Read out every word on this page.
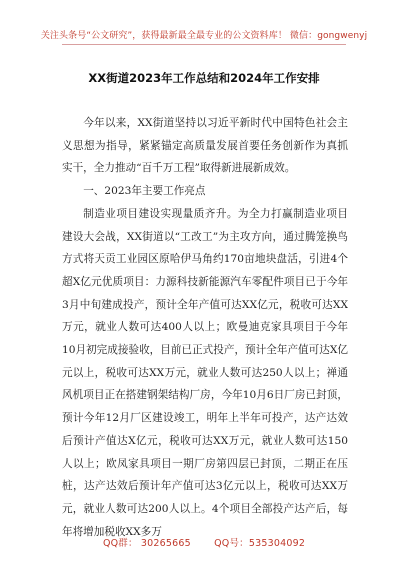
关注头条号“公文研究”，获得最新最全最专业的公文资料库！ 微信：gongwenyj
XX街道2023年工作总结和2024年工作安排

今年以来，XX街道坚持以习近平新时代中国特色社会主义思想为指导，紧紧锚定高质量发展首要任务创新作为真抓实干，全力推动“百千万工程”取得新进展新成效。

一、2023年主要工作亮点

制造业项目建设实现量质齐升。为全力打赢制造业项目建设大会战，XX街道以“工改工”为主攻方向，通过腾笼换鸟方式将天贡工业园区原哈伊马角约170亩地块盘活，引进4个超X亿元优质项目：力源科技新能源汽车零配件项目已于今年3月中旬建成投产，预计全年产值可达XX亿元，税收可达XX万元，就业人数可达400人以上；欧曼迪克家具项目于今年10月初完成接验收，目前已正式投产，预计全年产值可达X亿元以上，税收可达XX万元，就业人数可达250人以上；禅通风机项目正在搭建钢架结构厂房，今年10月6日厂房已封顶，预计今年12月厂区建设竣工，明年上半年可投产，达产达效后预计产值达X亿元，税收可达XX万元，就业人数可达150人以上；欧凤家具项目一期厂房第四层已封顶，二期正在压桩，达产达效后预计年产值可达3亿元以上，税收可达XX万元，就业人数可达200人以上。4个项目全部投产达产后，每年将增加税收XX多万

QQ群： 30265665 QQ号：535304092
